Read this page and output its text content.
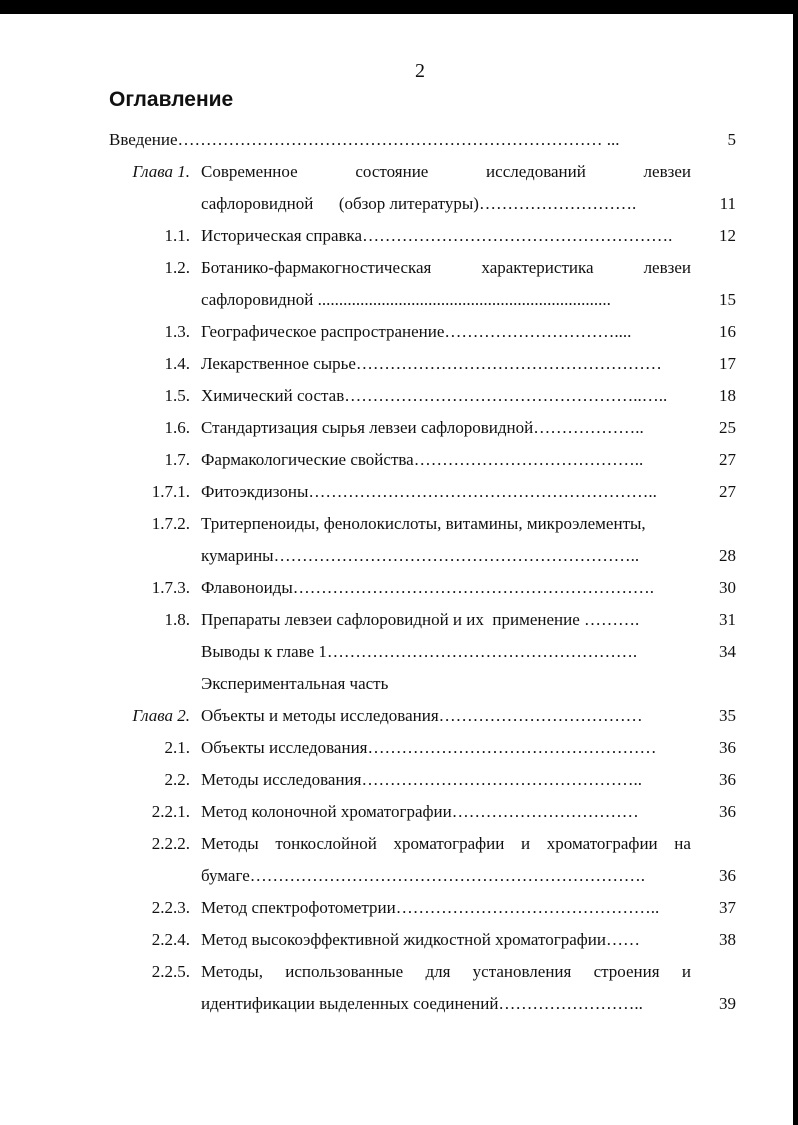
2
Оглавление
Введение………………………………………………………………… ...	5
Глава 1. Современное	состояние	исследований	левзеи
сафлоровидной      (обзор литературы)……………………….	11
1.1. Историческая справка……………………………………………….	12
1.2. Ботанико-фармакогностическая	характеристика	левзеи
сафлоровидной .....................................................................	15
1.3. Географическое распространение…………………………....	16
1.4. Лекарственное сырье………………………………………………	17
1.5. Химический состав……………………………………………..…..	18
1.6. Стандартизация сырья левзеи сафлоровидной………………..	25
1.7. Фармакологические свойства…………………………………..	27
1.7.1. Фитоэкдизоны……………………………………………………..	27
1.7.2. Тритерпеноиды, фенолокислоты, витамины, микроэлементы,
кумарины………………………………………………………..	28
1.7.3. Флавоноиды……………………………………………………….	30
1.8. Препараты левзеи сафлоровидной и их  применение ……….	31
Выводы к главе 1……………………………………………….	34
Экспериментальная часть
Глава 2. Объекты и методы исследования………………………………	35
2.1. Объекты исследования……………………………………………	36
2.2. Методы исследования…………………………………………..	36
2.2.1. Метод колоночной хроматографии……………………………	36
2.2.2. Методы тонкослойной хроматографии и хроматографии на
бумаге…………………………………………………………….	36
2.2.3. Метод спектрофотометрии………………………………………..	37
2.2.4. Метод высокоэффективной жидкостной хроматографии……	38
2.2.5. Методы, использованные для установления строения и
идентификации выделенных соединений……………………..	39
